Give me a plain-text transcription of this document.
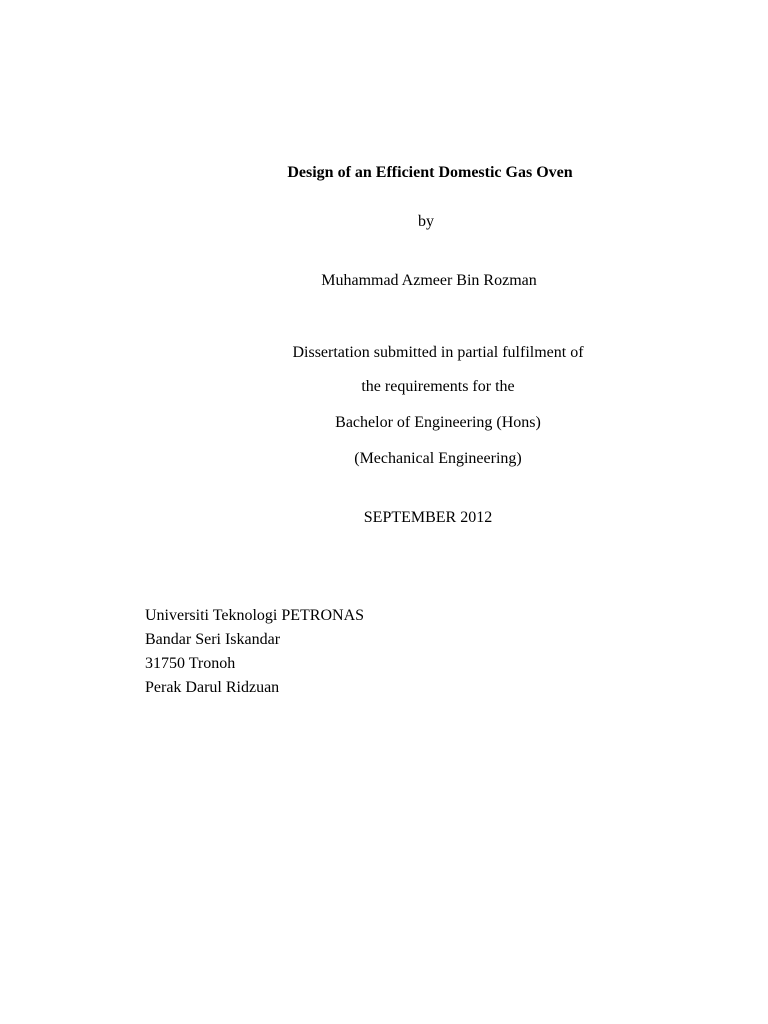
Design of an Efficient Domestic Gas Oven
by
Muhammad Azmeer Bin Rozman
Dissertation submitted in partial fulfilment of
the requirements for the
Bachelor of Engineering (Hons)
(Mechanical Engineering)
SEPTEMBER 2012
Universiti Teknologi PETRONAS
Bandar Seri Iskandar
31750 Tronoh
Perak Darul Ridzuan
